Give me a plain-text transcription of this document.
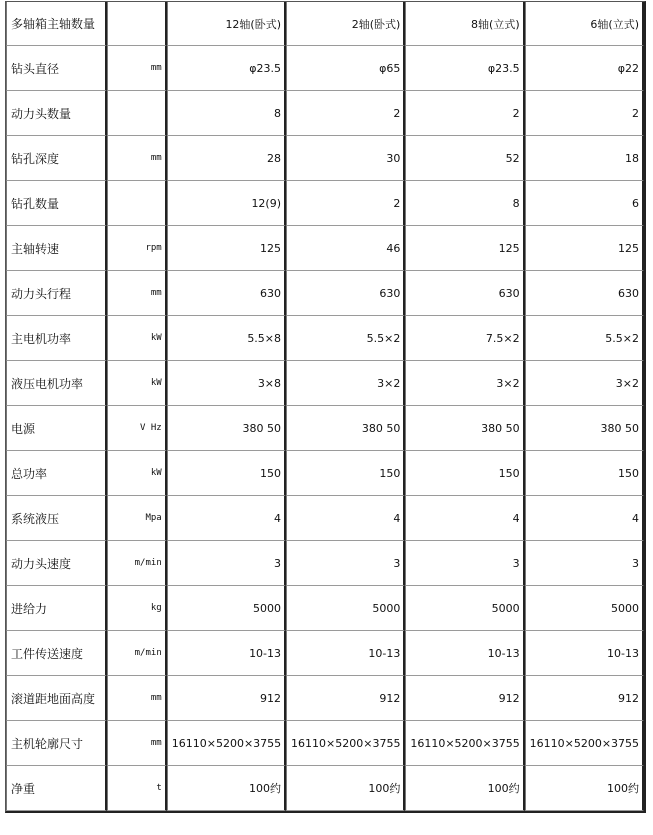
多轴箱主轴数量		12轴(卧式)	2轴(卧式)	8轴(立式)	6轴(立式)
钻头直径	mm	φ23.5	φ65	φ23.5	φ22
动力头数量		8	2	2	2
钻孔深度	mm	28	30	52	18
钻孔数量		12(9)	2	8	6
主轴转速	rpm	125	46	125	125
动力头行程	mm	630	630	630	630
主电机功率	kW	5.5×8	5.5×2	7.5×2	5.5×2
液压电机功率	kW	3×8	3×2	3×2	3×2
电源	V Hz	380 50	380 50	380 50	380 50
总功率	kW	150	150	150	150
系统液压	Mpa	4	4	4	4
动力头速度	m/min	3	3	3	3
进给力	kg	5000	5000	5000	5000
工件传送速度	m/min	10-13	10-13	10-13	10-13
滚道距地面高度	mm	912	912	912	912
主机轮廓尺寸	mm	16110×5200×3755	16110×5200×3755	16110×5200×3755	16110×5200×3755
净重	t	100约	100约	100约	100约
